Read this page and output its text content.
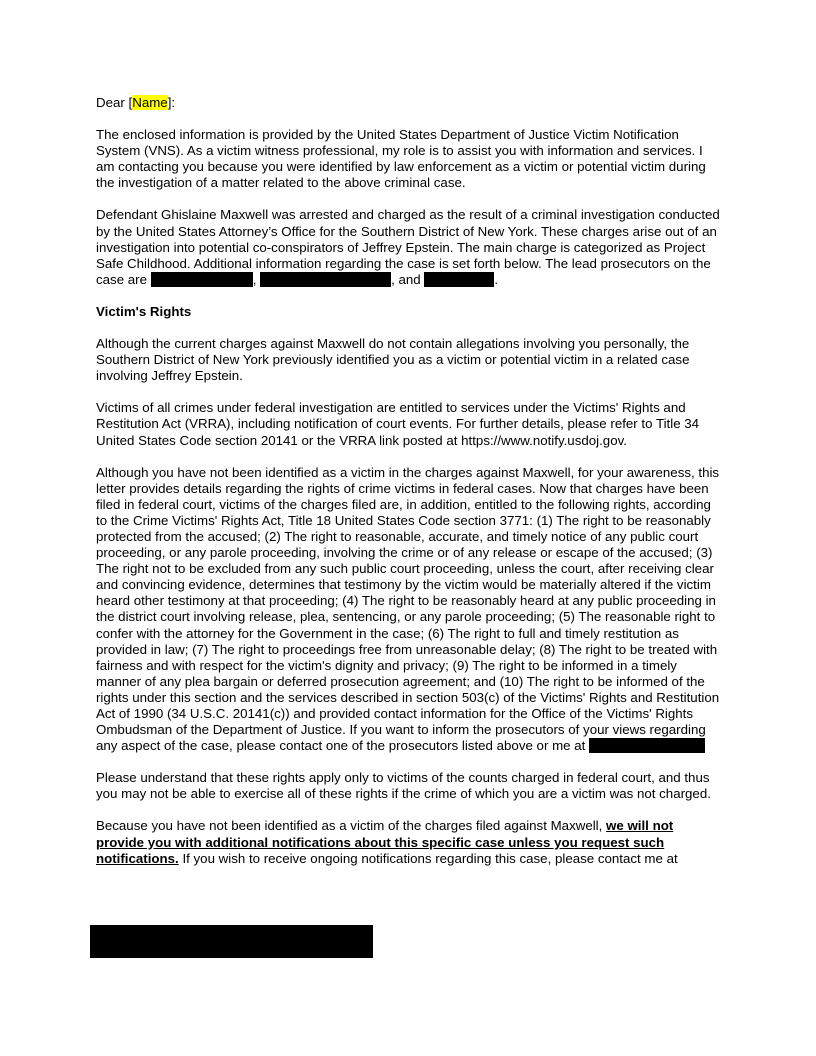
Dear [Name]:

The enclosed information is provided by the United States Department of Justice Victim Notification System (VNS). As a victim witness professional, my role is to assist you with information and services. I am contacting you because you were identified by law enforcement as a victim or potential victim during the investigation of a matter related to the above criminal case.

Defendant Ghislaine Maxwell was arrested and charged as the result of a criminal investigation conducted by the United States Attorney’s Office for the Southern District of New York. These charges arise out of an investigation into potential co-conspirators of Jeffrey Epstein. The main charge is categorized as Project Safe Childhood. Additional information regarding the case is set forth below. The lead prosecutors on the case are	,	, and	.

Victim's Rights

Although the current charges against Maxwell do not contain allegations involving you personally, the Southern District of New York previously identified you as a victim or potential victim in a related case involving Jeffrey Epstein.

Victims of all crimes under federal investigation are entitled to services under the Victims' Rights and Restitution Act (VRRA), including notification of court events. For further details, please refer to Title 34 United States Code section 20141 or the VRRA link posted at https://www.notify.usdoj.gov.

Although you have not been identified as a victim in the charges against Maxwell, for your awareness, this letter provides details regarding the rights of crime victims in federal cases. Now that charges have been filed in federal court, victims of the charges filed are, in addition, entitled to the following rights, according to the Crime Victims' Rights Act, Title 18 United States Code section 3771: (1) The right to be reasonably protected from the accused; (2) The right to reasonable, accurate, and timely notice of any public court proceeding, or any parole proceeding, involving the crime or of any release or escape of the accused; (3) The right not to be excluded from any such public court proceeding, unless the court, after receiving clear and convincing evidence, determines that testimony by the victim would be materially altered if the victim heard other testimony at that proceeding; (4) The right to be reasonably heard at any public proceeding in the district court involving release, plea, sentencing, or any parole proceeding; (5) The reasonable right to confer with the attorney for the Government in the case; (6) The right to full and timely restitution as provided in law; (7) The right to proceedings free from unreasonable delay; (8) The right to be treated with fairness and with respect for the victim's dignity and privacy; (9) The right to be informed in a timely manner of any plea bargain or deferred prosecution agreement; and (10) The right to be informed of the rights under this section and the services described in section 503(c) of the Victims' Rights and Restitution Act of 1990 (34 U.S.C. 20141(c)) and provided contact information for the Office of the Victims' Rights Ombudsman of the Department of Justice. If you want to inform the prosecutors of your views regarding any aspect of the case, please contact one of the prosecutors listed above or me at

Please understand that these rights apply only to victims of the counts charged in federal court, and thus you may not be able to exercise all of these rights if the crime of which you are a victim was not charged.

Because you have not been identified as a victim of the charges filed against Maxwell, we will not provide you with additional notifications about this specific case unless you request such notifications. If you wish to receive ongoing notifications regarding this case, please contact me at
